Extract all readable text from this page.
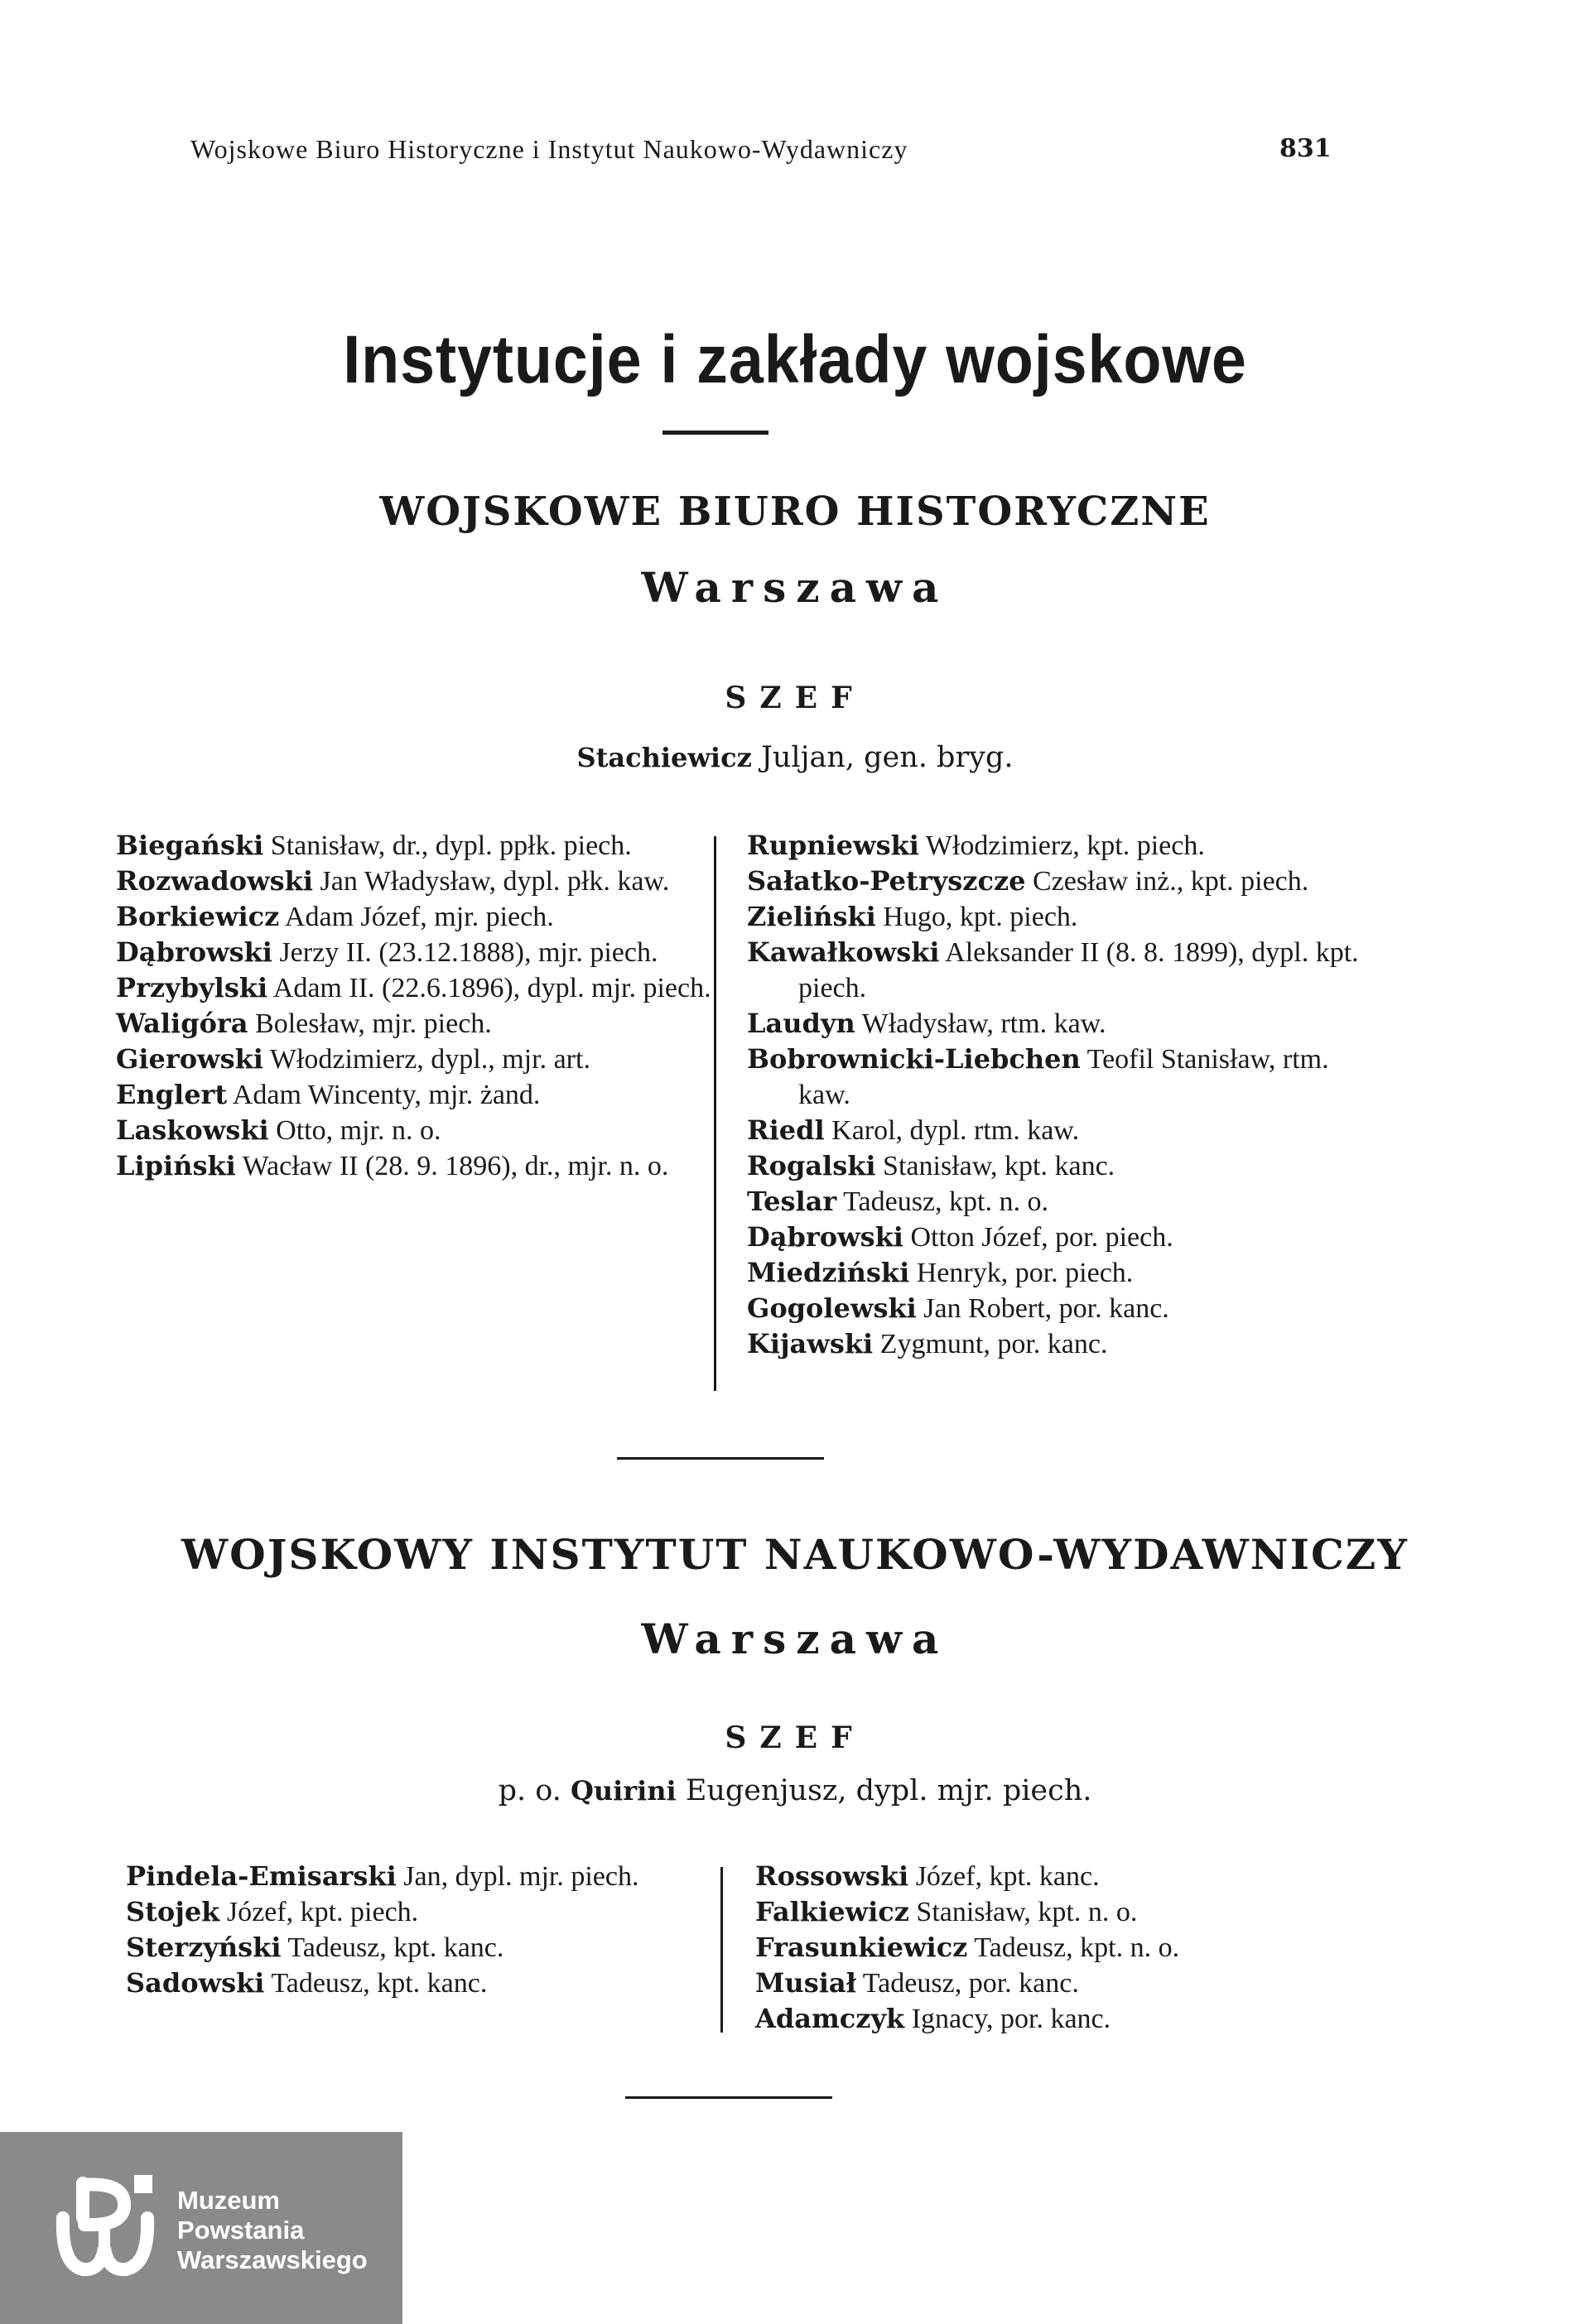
Wojskowe Biuro Historyczne i Instytut Naukowo-Wydawniczy	831
Instytucje i zakłady wojskowe
WOJSKOWE BIURO HISTORYCZNE
Warszawa
SZEF
Stachiewicz Juljan, gen. bryg.
Biegański Stanisław, dr., dypl. ppłk. piech.
Rozwadowski Jan Władysław, dypl. płk. kaw.
Borkiewicz Adam Józef, mjr. piech.
Dąbrowski Jerzy II. (23.12.1888), mjr. piech.
Przybylski Adam II. (22.6.1896), dypl. mjr. piech.
Waligóra Bolesław, mjr. piech.
Gierowski Włodzimierz, dypl., mjr. art.
Englert Adam Wincenty, mjr. żand.
Laskowski Otto, mjr. n. o.
Lipiński Wacław II (28. 9. 1896), dr., mjr. n. o.
Rupniewski Włodzimierz, kpt. piech.
Sałatko-Petryszcze Czesław inż., kpt. piech.
Zieliński Hugo, kpt. piech.
Kawałkowski Aleksander II (8. 8. 1899), dypl. kpt. piech.
Laudyn Władysław, rtm. kaw.
Bobrownicki-Liebchen Teofil Stanisław, rtm. kaw.
Riedl Karol, dypl. rtm. kaw.
Rogalski Stanisław, kpt. kanc.
Teslar Tadeusz, kpt. n. o.
Dąbrowski Otton Józef, por. piech.
Miedziński Henryk, por. piech.
Gogolewski Jan Robert, por. kanc.
Kijawski Zygmunt, por. kanc.
WOJSKOWY INSTYTUT NAUKOWO-WYDAWNICZY
Warszawa
SZEF
p. o. Quirini Eugenjusz, dypl. mjr. piech.
Pindela-Emisarski Jan, dypl. mjr. piech.
Stojek Józef, kpt. piech.
Sterzyński Tadeusz, kpt. kanc.
Sadowski Tadeusz, kpt. kanc.
Rossowski Józef, kpt. kanc.
Falkiewicz Stanisław, kpt. n. o.
Frasunkiewicz Tadeusz, kpt. n. o.
Musiał Tadeusz, por. kanc.
Adamczyk Ignacy, por. kanc.
Muzeum
Powstania
Warszawskiego
